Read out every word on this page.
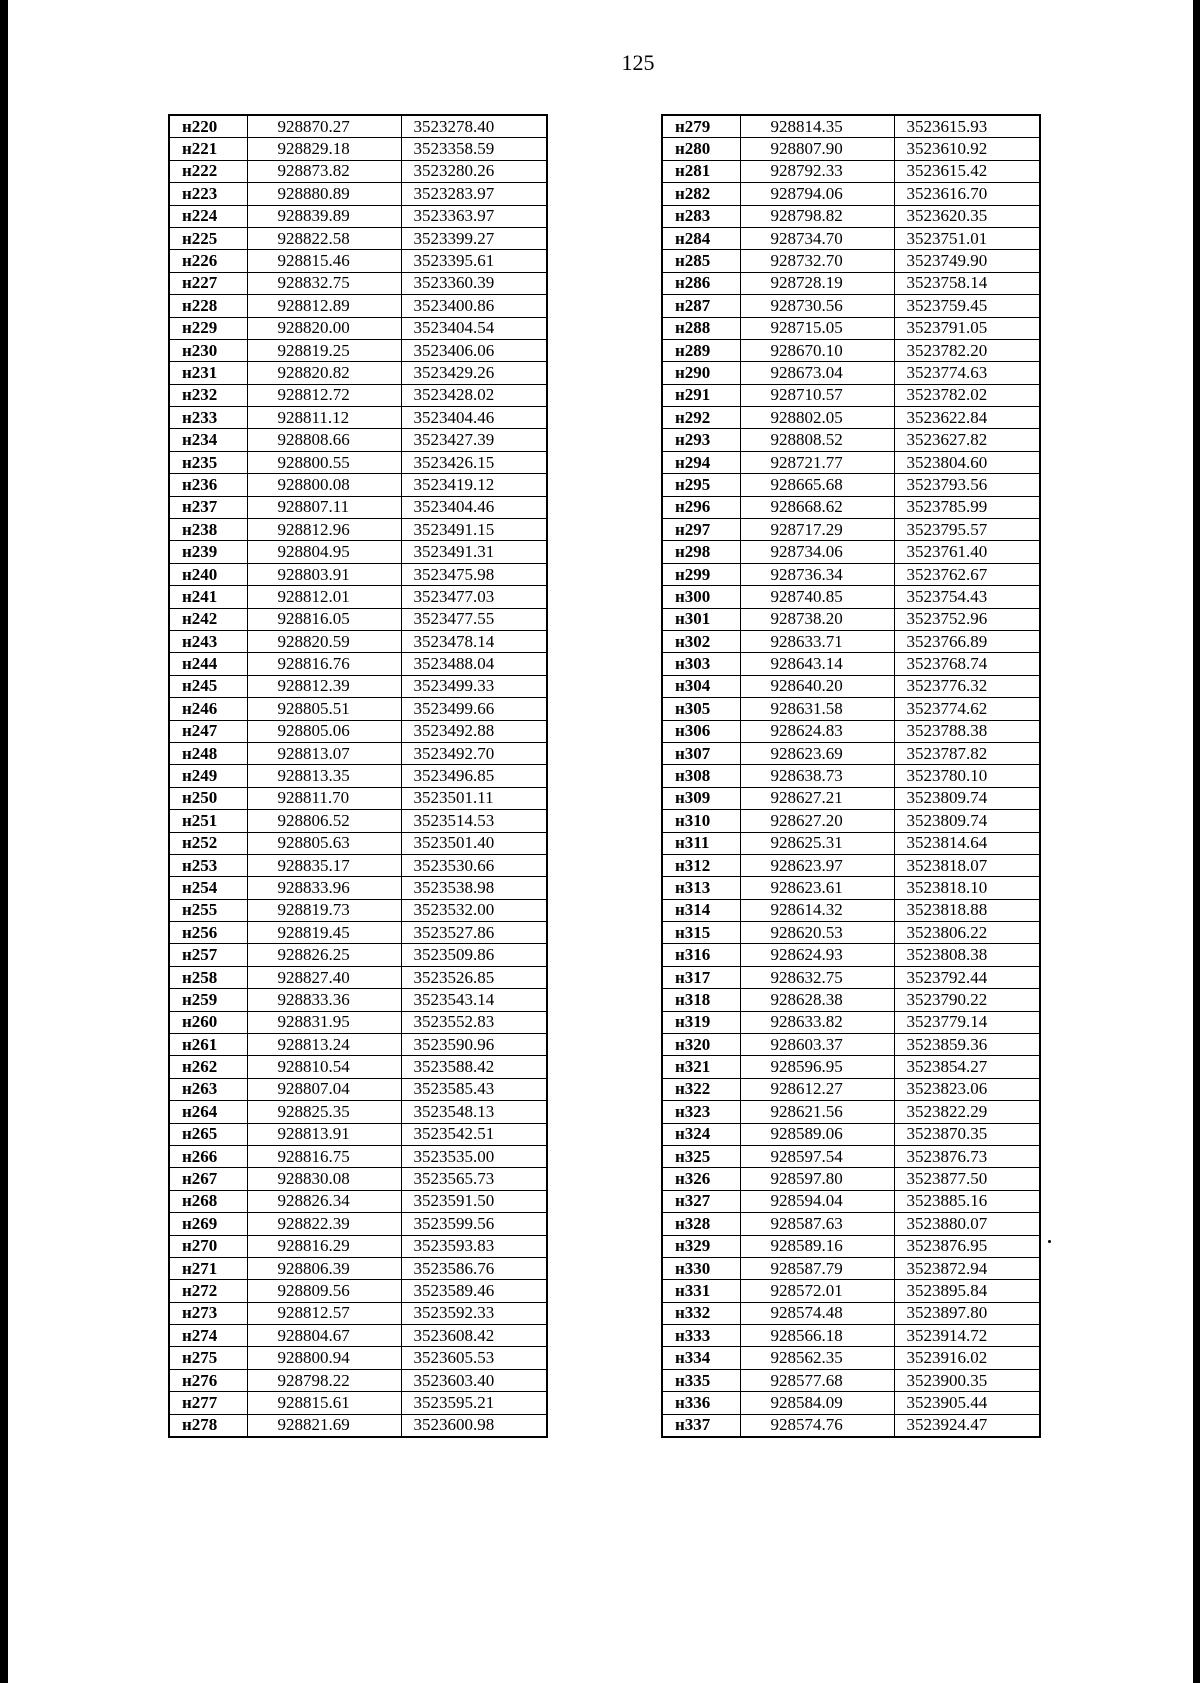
125
н220	928870.27	3523278.40
н221	928829.18	3523358.59
н222	928873.82	3523280.26
н223	928880.89	3523283.97
н224	928839.89	3523363.97
н225	928822.58	3523399.27
н226	928815.46	3523395.61
н227	928832.75	3523360.39
н228	928812.89	3523400.86
н229	928820.00	3523404.54
н230	928819.25	3523406.06
н231	928820.82	3523429.26
н232	928812.72	3523428.02
н233	928811.12	3523404.46
н234	928808.66	3523427.39
н235	928800.55	3523426.15
н236	928800.08	3523419.12
н237	928807.11	3523404.46
н238	928812.96	3523491.15
н239	928804.95	3523491.31
н240	928803.91	3523475.98
н241	928812.01	3523477.03
н242	928816.05	3523477.55
н243	928820.59	3523478.14
н244	928816.76	3523488.04
н245	928812.39	3523499.33
н246	928805.51	3523499.66
н247	928805.06	3523492.88
н248	928813.07	3523492.70
н249	928813.35	3523496.85
н250	928811.70	3523501.11
н251	928806.52	3523514.53
н252	928805.63	3523501.40
н253	928835.17	3523530.66
н254	928833.96	3523538.98
н255	928819.73	3523532.00
н256	928819.45	3523527.86
н257	928826.25	3523509.86
н258	928827.40	3523526.85
н259	928833.36	3523543.14
н260	928831.95	3523552.83
н261	928813.24	3523590.96
н262	928810.54	3523588.42
н263	928807.04	3523585.43
н264	928825.35	3523548.13
н265	928813.91	3523542.51
н266	928816.75	3523535.00
н267	928830.08	3523565.73
н268	928826.34	3523591.50
н269	928822.39	3523599.56
н270	928816.29	3523593.83
н271	928806.39	3523586.76
н272	928809.56	3523589.46
н273	928812.57	3523592.33
н274	928804.67	3523608.42
н275	928800.94	3523605.53
н276	928798.22	3523603.40
н277	928815.61	3523595.21
н278	928821.69	3523600.98
н279	928814.35	3523615.93
н280	928807.90	3523610.92
н281	928792.33	3523615.42
н282	928794.06	3523616.70
н283	928798.82	3523620.35
н284	928734.70	3523751.01
н285	928732.70	3523749.90
н286	928728.19	3523758.14
н287	928730.56	3523759.45
н288	928715.05	3523791.05
н289	928670.10	3523782.20
н290	928673.04	3523774.63
н291	928710.57	3523782.02
н292	928802.05	3523622.84
н293	928808.52	3523627.82
н294	928721.77	3523804.60
н295	928665.68	3523793.56
н296	928668.62	3523785.99
н297	928717.29	3523795.57
н298	928734.06	3523761.40
н299	928736.34	3523762.67
н300	928740.85	3523754.43
н301	928738.20	3523752.96
н302	928633.71	3523766.89
н303	928643.14	3523768.74
н304	928640.20	3523776.32
н305	928631.58	3523774.62
н306	928624.83	3523788.38
н307	928623.69	3523787.82
н308	928638.73	3523780.10
н309	928627.21	3523809.74
н310	928627.20	3523809.74
н311	928625.31	3523814.64
н312	928623.97	3523818.07
н313	928623.61	3523818.10
н314	928614.32	3523818.88
н315	928620.53	3523806.22
н316	928624.93	3523808.38
н317	928632.75	3523792.44
н318	928628.38	3523790.22
н319	928633.82	3523779.14
н320	928603.37	3523859.36
н321	928596.95	3523854.27
н322	928612.27	3523823.06
н323	928621.56	3523822.29
н324	928589.06	3523870.35
н325	928597.54	3523876.73
н326	928597.80	3523877.50
н327	928594.04	3523885.16
н328	928587.63	3523880.07
н329	928589.16	3523876.95
н330	928587.79	3523872.94
н331	928572.01	3523895.84
н332	928574.48	3523897.80
н333	928566.18	3523914.72
н334	928562.35	3523916.02
н335	928577.68	3523900.35
н336	928584.09	3523905.44
н337	928574.76	3523924.47
